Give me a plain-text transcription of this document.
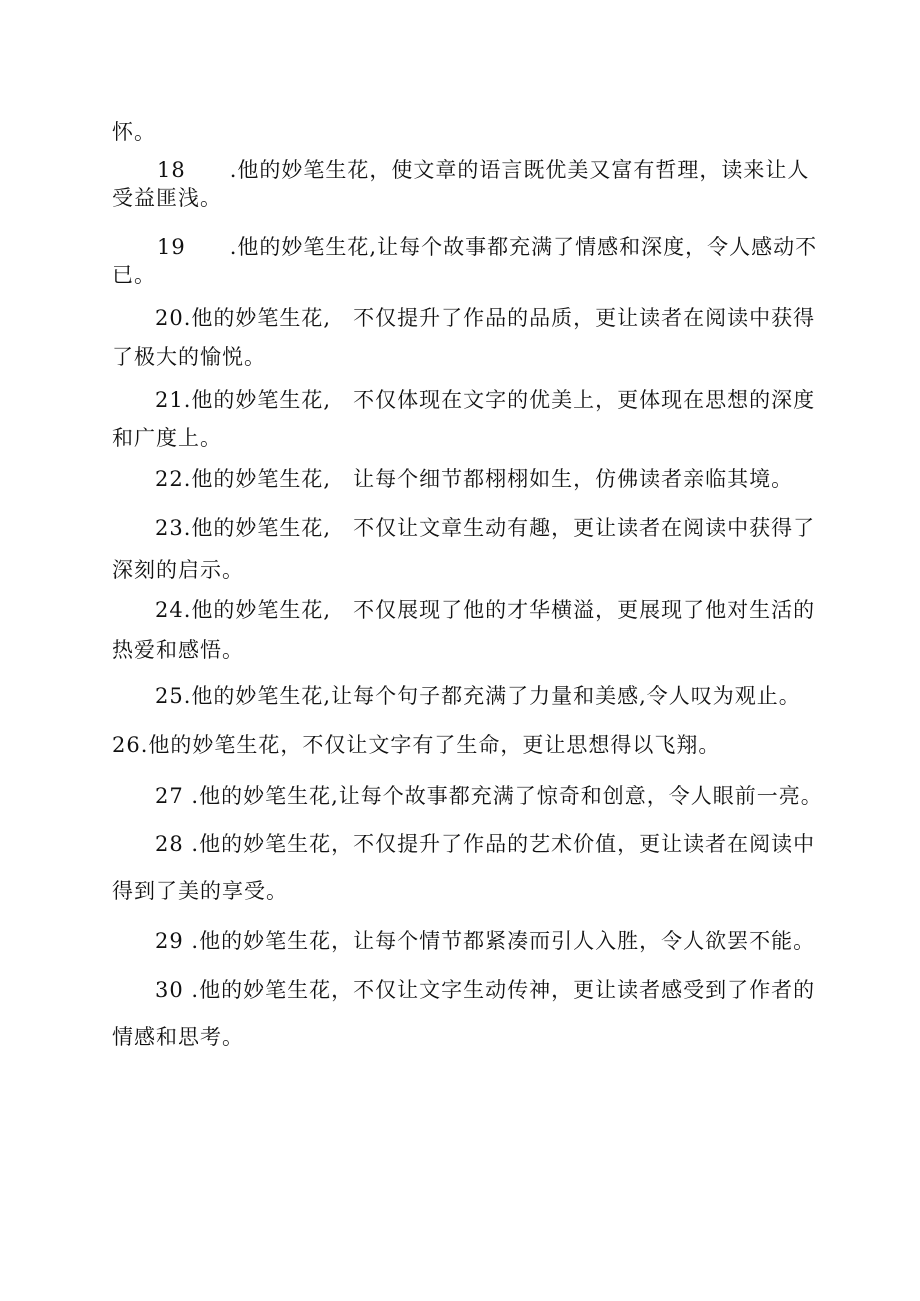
怀。
18　　.他的妙笔生花，使文章的语言既优美又富有哲理，读来让人
受益匪浅。
19　　.他的妙笔生花,让每个故事都充满了情感和深度，令人感动不
已。
20.他的妙笔生花,　不仅提升了作品的品质，更让读者在阅读中获得
了极大的愉悦。
21.他的妙笔生花,　不仅体现在文字的优美上，更体现在思想的深度
和广度上。
22.他的妙笔生花,　让每个细节都栩栩如生，仿佛读者亲临其境。
23.他的妙笔生花,　不仅让文章生动有趣，更让读者在阅读中获得了
深刻的启示。
24.他的妙笔生花,　不仅展现了他的才华横溢，更展现了他对生活的
热爱和感悟。
25.他的妙笔生花,让每个句子都充满了力量和美感,令人叹为观止。
26.他的妙笔生花，不仅让文字有了生命，更让思想得以飞翔。
27 .他的妙笔生花,让每个故事都充满了惊奇和创意，令人眼前一亮。
28 .他的妙笔生花，不仅提升了作品的艺术价值，更让读者在阅读中
得到了美的享受。
29 .他的妙笔生花，让每个情节都紧凑而引人入胜，令人欲罢不能。
30 .他的妙笔生花，不仅让文字生动传神，更让读者感受到了作者的
情感和思考。
